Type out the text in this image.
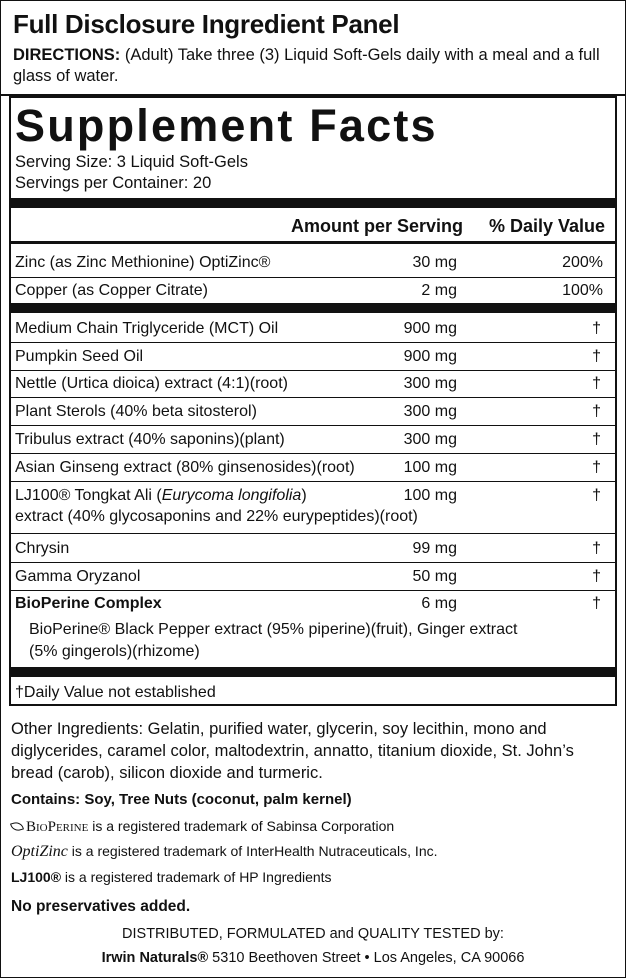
Full Disclosure Ingredient Panel
DIRECTIONS: (Adult) Take three (3) Liquid Soft-Gels daily with a meal and a full glass of water.
Supplement Facts
Serving Size: 3 Liquid Soft-Gels
Servings per Container: 20
Amount per Serving % Daily Value
Zinc (as Zinc Methionine) OptiZinc®	30 mg	200%
Copper (as Copper Citrate)	2 mg	100%
Medium Chain Triglyceride (MCT) Oil	900 mg	†
Pumpkin Seed Oil	900 mg	†
Nettle (Urtica dioica) extract (4:1)(root)	300 mg	†
Plant Sterols (40% beta sitosterol)	300 mg	†
Tribulus extract (40% saponins)(plant)	300 mg	†
Asian Ginseng extract (80% ginsenosides)(root)	100 mg	†
LJ100® Tongkat Ali (Eurycoma longifolia)	100 mg	†
extract (40% glycosaponins and 22% eurypeptides)(root)
Chrysin	99 mg	†
Gamma Oryzanol	50 mg	†
BioPerine Complex	6 mg	†
BioPerine® Black Pepper extract (95% piperine)(fruit), Ginger extract
(5% gingerols)(rhizome)
†Daily Value not established
Other Ingredients: Gelatin, purified water, glycerin, soy lecithin, mono and diglycerides, caramel color, maltodextrin, annatto, titanium dioxide, St. John’s bread (carob), silicon dioxide and turmeric.
Contains: Soy, Tree Nuts (coconut, palm kernel)
BioPerine is a registered trademark of Sabinsa Corporation
OptiZinc is a registered trademark of InterHealth Nutraceuticals, Inc.
LJ100® is a registered trademark of HP Ingredients
No preservatives added.
DISTRIBUTED, FORMULATED and QUALITY TESTED by:
Irwin Naturals® 5310 Beethoven Street • Los Angeles, CA 90066
